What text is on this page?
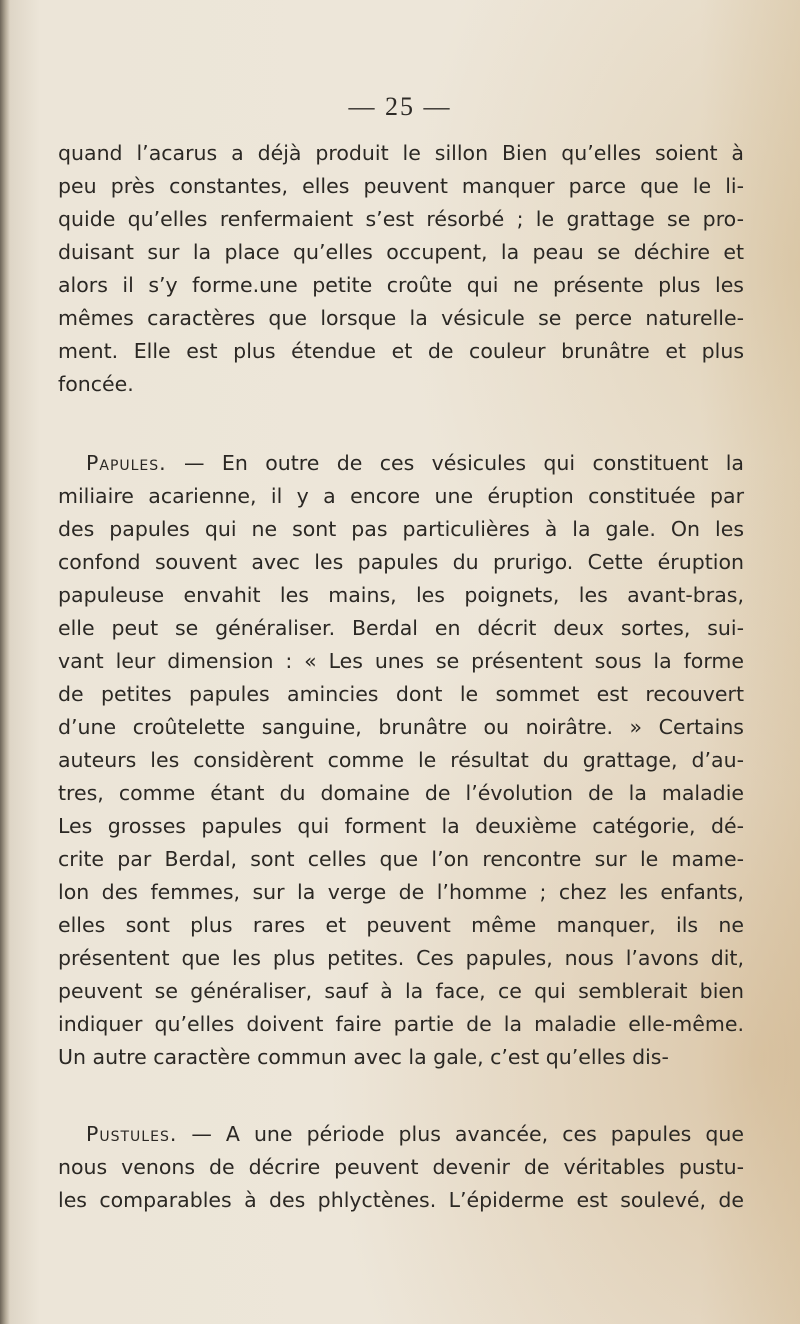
— 25 —
quand l’acarus a déjà produit le sillon Bien qu’elles soient à
peu près constantes, elles peuvent manquer parce que le li-
quide qu’elles renfermaient s’est résorbé ; le grattage se pro-
duisant sur la place qu’elles occupent, la peau se déchire et
alors il s’y forme.une petite croûte qui ne présente plus les
mêmes caractères que lorsque la vésicule se perce naturelle-
ment. Elle est plus étendue et de couleur brunâtre et plus
foncée.
Papules. — En outre de ces vésicules qui constituent la
miliaire acarienne, il y a encore une éruption constituée par
des papules qui ne sont pas particulières à la gale. On les
confond souvent avec les papules du prurigo. Cette éruption
papuleuse envahit les mains, les poignets, les avant-bras,
elle peut se généraliser. Berdal en décrit deux sortes, sui-
vant leur dimension : « Les unes se présentent sous la forme
de petites papules amincies dont le sommet est recouvert
d’une croûtelette sanguine, brunâtre ou noirâtre. » Certains
auteurs les considèrent comme le résultat du grattage, d’au-
tres, comme étant du domaine de l’évolution de la maladie
Les grosses papules qui forment la deuxième catégorie, dé-
crite par Berdal, sont celles que l’on rencontre sur le mame-
lon des femmes, sur la verge de l’homme ; chez les enfants,
elles sont plus rares et peuvent même manquer, ils ne
présentent que les plus petites. Ces papules, nous l’avons dit,
peuvent se généraliser, sauf à la face, ce qui semblerait bien
indiquer qu’elles doivent faire partie de la maladie elle-même.
Un autre caractère commun avec la gale, c’est qu’elles dis-
Pustules. — A une période plus avancée, ces papules que
nous venons de décrire peuvent devenir de véritables pustu-
les comparables à des phlyctènes. L’épiderme est soulevé, de
